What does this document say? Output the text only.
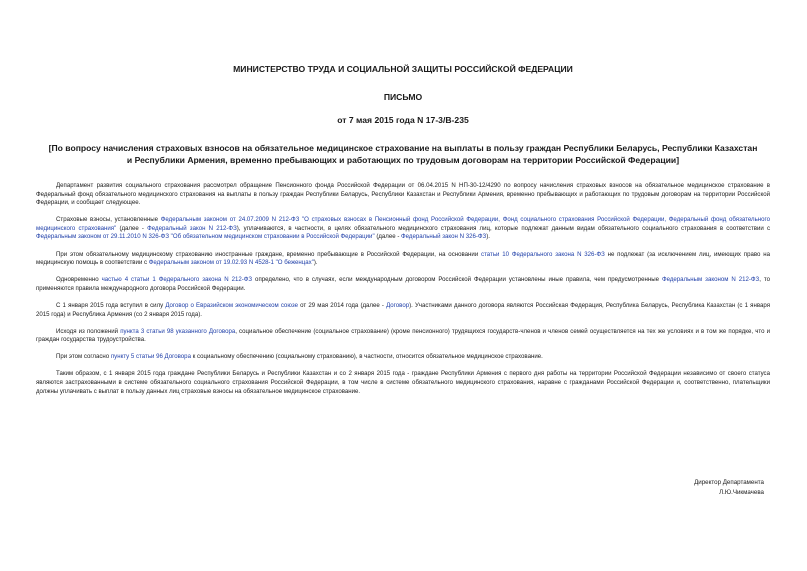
МИНИСТЕРСТВО ТРУДА И СОЦИАЛЬНОЙ ЗАЩИТЫ РОССИЙСКОЙ ФЕДЕРАЦИИ
ПИСЬМО
от 7 мая 2015 года N 17-3/В-235
[По вопросу начисления страховых взносов на обязательное медицинское страхование на выплаты в пользу граждан Республики Беларусь, Республики Казахстан и Республики Армения, временно пребывающих и работающих по трудовым договорам на территории Российской Федерации]

Департамент развития социального страхования рассмотрел обращение Пенсионного фонда Российской Федерации от 06.04.2015 N НП-30-12/4290 по вопросу начисления страховых взносов на обязательное медицинское страхование в Федеральный фонд обязательного медицинского страхования на выплаты в пользу граждан Республики Беларусь, Республики Казахстан и Республики Армения, временно пребывающих и работающих по трудовым договорам на территории Российской Федерации, и сообщает следующее.

Страховые взносы, установленные Федеральным законом от 24.07.2009 N 212-ФЗ "О страховых взносах в Пенсионный фонд Российской Федерации, Фонд социального страхования Российской Федерации, Федеральный фонд обязательного медицинского страхования" (далее - Федеральный закон N 212-ФЗ), уплачиваются, в частности, в целях обязательного медицинского страхования лиц, которые подлежат данным видам обязательного социального страхования в соответствии с Федеральным законом от 29.11.2010 N 326-ФЗ "Об обязательном медицинском страховании в Российской Федерации" (далее - Федеральный закон N 326-ФЗ).

При этом обязательному медицинскому страхованию иностранные граждане, временно пребывающие в Российской Федерации, на основании статьи 10 Федерального закона N 326-ФЗ не подлежат (за исключением лиц, имеющих право на медицинскую помощь в соответствии с Федеральным законом от 19.02.93 N 4528-1 "О беженцах").

Одновременно частью 4 статьи 1 Федерального закона N 212-ФЗ определено, что в случаях, если международным договором Российской Федерации установлены иные правила, чем предусмотренные Федеральным законом N 212-ФЗ, то применяются правила международного договора Российской Федерации.

С 1 января 2015 года вступил в силу Договор о Евразийском экономическом союзе от 29 мая 2014 года (далее - Договор). Участниками данного договора являются Российская Федерация, Республика Беларусь, Республика Казахстан (с 1 января 2015 года) и Республика Армения (со 2 января 2015 года).

Исходя из положений пункта 3 статьи 98 указанного Договора, социальное обеспечение (социальное страхование) (кроме пенсионного) трудящихся государств-членов и членов семей осуществляется на тех же условиях и в том же порядке, что и граждан государства трудоустройства.

При этом согласно пункту 5 статьи 96 Договора к социальному обеспечению (социальному страхованию), в частности, относится обязательное медицинское страхование.

Таким образом, с 1 января 2015 года граждане Республики Беларусь и Республики Казахстан и со 2 января 2015 года - граждане Республики Армения с первого дня работы на территории Российской Федерации независимо от своего статуса являются застрахованными в системе обязательного социального страхования Российской Федерации, в том числе в системе обязательного медицинского страхования, наравне с гражданами Российской Федерации и, соответственно, плательщики должны уплачивать с выплат в пользу данных лиц страховые взносы на обязательное медицинское страхование.

Директор Департамента
Л.Ю.Чикмачева
